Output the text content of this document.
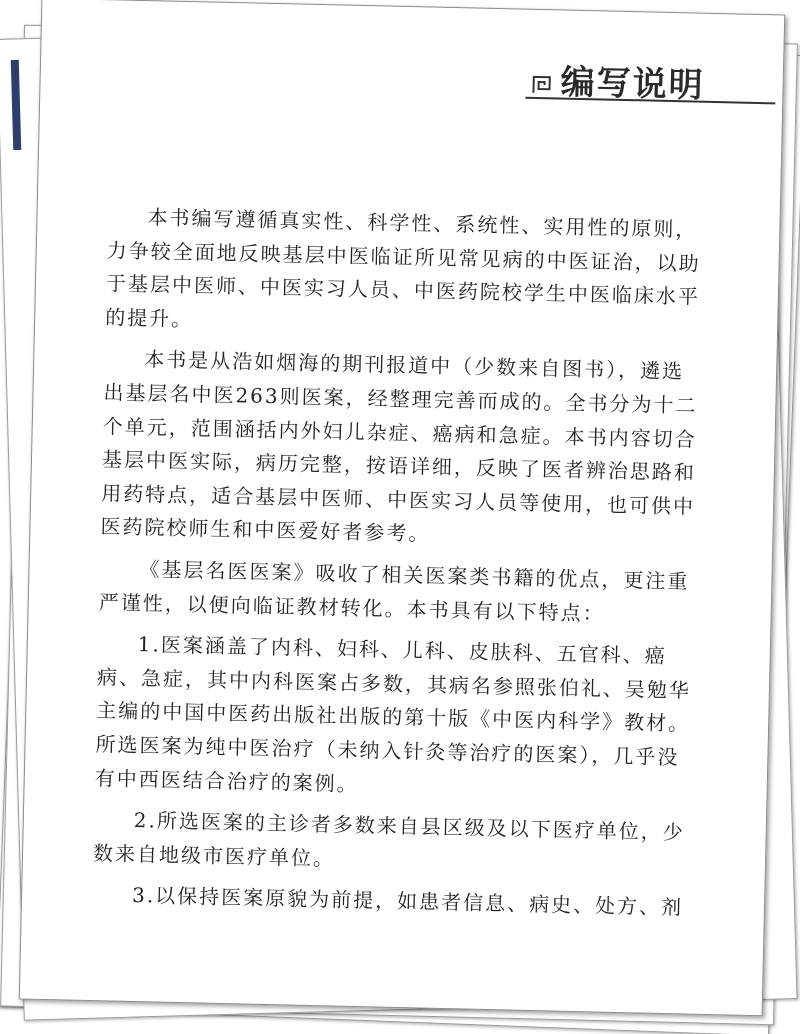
编写说明

本书编写遵循真实性、科学性、系统性、实用性的原则，力争较全面地反映基层中医临证所见常见病的中医证治，以助于基层中医师、中医实习人员、中医药院校学生中医临床水平的提升。

本书是从浩如烟海的期刊报道中（少数来自图书），遴选出基层名中医263则医案，经整理完善而成的。全书分为十二个单元，范围涵括内外妇儿杂症、癌病和急症。本书内容切合基层中医实际，病历完整，按语详细，反映了医者辨治思路和用药特点，适合基层中医师、中医实习人员等使用，也可供中医药院校师生和中医爱好者参考。

《基层名医医案》吸收了相关医案类书籍的优点，更注重严谨性，以便向临证教材转化。本书具有以下特点：

1.医案涵盖了内科、妇科、儿科、皮肤科、五官科、癌病、急症，其中内科医案占多数，其病名参照张伯礼、吴勉华主编的中国中医药出版社出版的第十版《中医内科学》教材。所选医案为纯中医治疗（未纳入针灸等治疗的医案），几乎没有中西医结合治疗的案例。

2.所选医案的主诊者多数来自县区级及以下医疗单位，少数来自地级市医疗单位。

3.以保持医案原貌为前提，如患者信息、病史、处方、剂
